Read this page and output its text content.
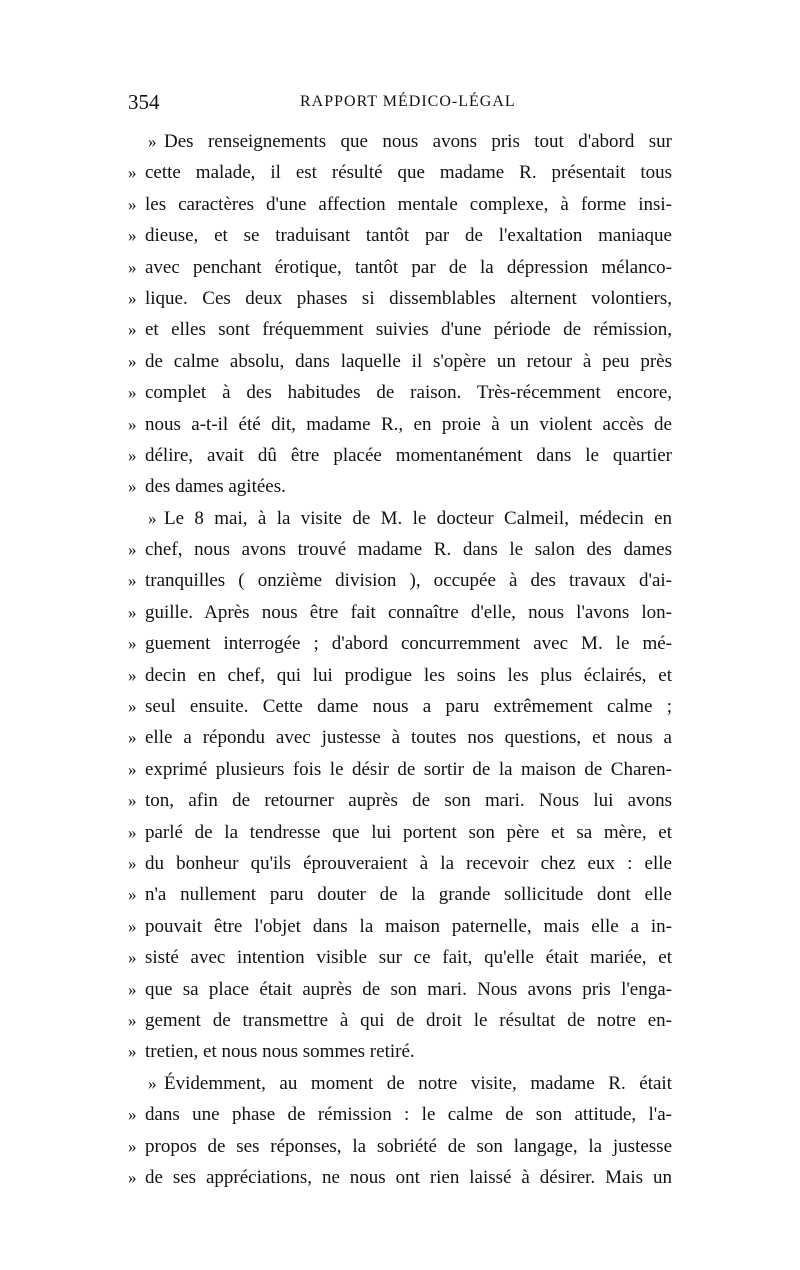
354	RAPPORT MÉDICO-LÉGAL
» Des renseignements que nous avons pris tout d'abord sur
» cette malade, il est résulté que madame R. présentait tous
» les caractères d'une affection mentale complexe, à forme insi-
» dieuse, et se traduisant tantôt par de l'exaltation maniaque
» avec penchant érotique, tantôt par de la dépression mélanco-
» lique. Ces deux phases si dissemblables alternent volontiers,
» et elles sont fréquemment suivies d'une période de rémission,
» de calme absolu, dans laquelle il s'opère un retour à peu près
» complet à des habitudes de raison. Très-récemment encore,
» nous a-t-il été dit, madame R., en proie à un violent accès de
» délire, avait dû être placée momentanément dans le quartier
» des dames agitées.
» Le 8 mai, à la visite de M. le docteur Calmeil, médecin en
» chef, nous avons trouvé madame R. dans le salon des dames
» tranquilles ( onzième division ), occupée à des travaux d'ai-
» guille. Après nous être fait connaître d'elle, nous l'avons lon-
» guement interrogée ; d'abord concurremment avec M. le mé-
» decin en chef, qui lui prodigue les soins les plus éclairés, et
» seul ensuite. Cette dame nous a paru extrêmement calme ;
» elle a répondu avec justesse à toutes nos questions, et nous a
» exprimé plusieurs fois le désir de sortir de la maison de Charen-
» ton, afin de retourner auprès de son mari. Nous lui avons
» parlé de la tendresse que lui portent son père et sa mère, et
» du bonheur qu'ils éprouveraient à la recevoir chez eux : elle
» n'a nullement paru douter de la grande sollicitude dont elle
» pouvait être l'objet dans la maison paternelle, mais elle a in-
» sisté avec intention visible sur ce fait, qu'elle était mariée, et
» que sa place était auprès de son mari. Nous avons pris l'enga-
» gement de transmettre à qui de droit le résultat de notre en-
» tretien, et nous nous sommes retiré.
» Évidemment, au moment de notre visite, madame R. était
» dans une phase de rémission : le calme de son attitude, l'a-
» propos de ses réponses, la sobriété de son langage, la justesse
» de ses appréciations, ne nous ont rien laissé à désirer. Mais un
